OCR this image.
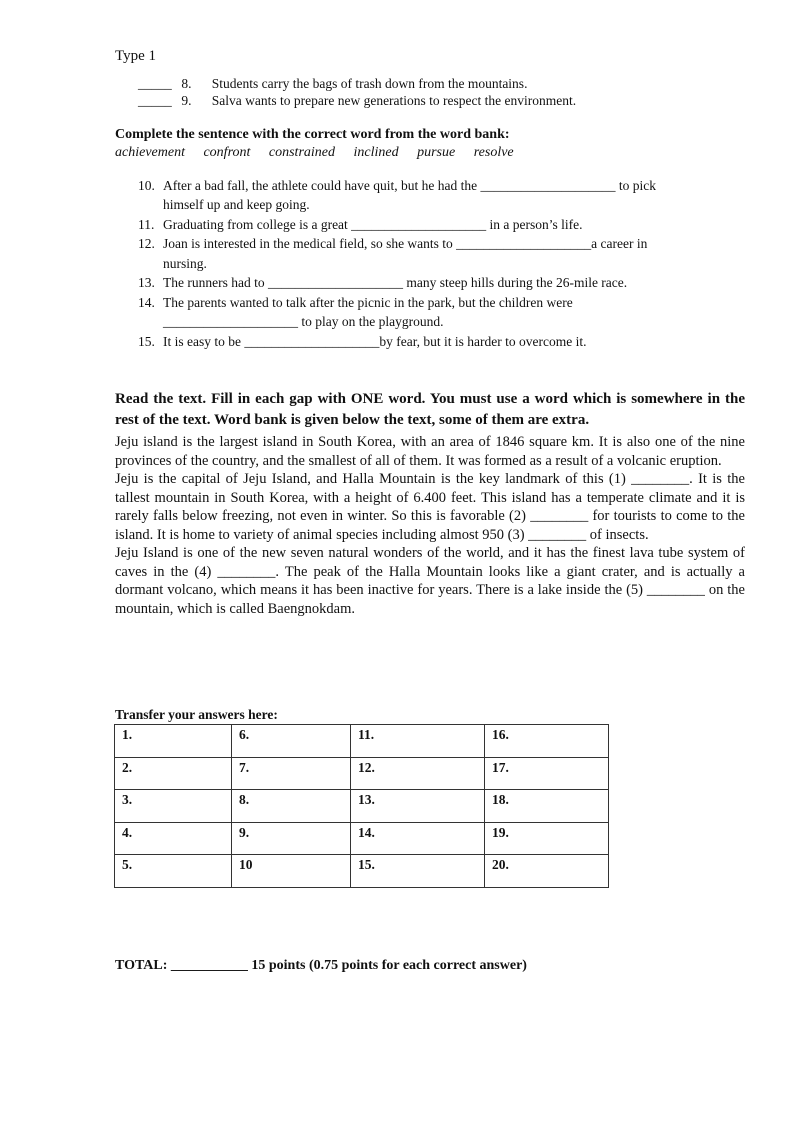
Type 1
_____ 8. Students carry the bags of trash down from the mountains.
_____ 9. Salva wants to prepare new generations to respect the environment.
Complete the sentence with the correct word from the word bank:
achievement confront constrained inclined pursue resolve
10. After a bad fall, the athlete could have quit, but he had the ____________________ to pick
himself up and keep going.
11. Graduating from college is a great ____________________ in a person’s life.
12. Joan is interested in the medical field, so she wants to ____________________a career in
nursing.
13. The runners had to ____________________ many steep hills during the 26-mile race.
14. The parents wanted to talk after the picnic in the park, but the children were
____________________ to play on the playground.
15. It is easy to be ____________________by fear, but it is harder to overcome it.
Read the text. Fill in each gap with ONE word. You must use a word which is somewhere in the rest of the text. Word bank is given below the text, some of them are extra.

Jeju island is the largest island in South Korea, with an area of 1846 square km. It is also one of the nine provinces of the country, and the smallest of all of them. It was formed as a result of a volcanic eruption.

Jeju is the capital of Jeju Island, and Halla Mountain is the key landmark of this (1) ________. It is the tallest mountain in South Korea, with a height of 6.400 feet. This island has a temperate climate and it is rarely falls below freezing, not even in winter. So this is favorable (2) ________ for tourists to come to the island. It is home to variety of animal species including almost 950 (3) ________ of insects.

Jeju Island is one of the new seven natural wonders of the world, and it has the finest lava tube system of caves in the (4) ________. The peak of the Halla Mountain looks like a giant crater, and is actually a dormant volcano, which means it has been inactive for years. There is a lake inside the (5) ________ on the mountain, which is called Baengnokdam.

Transfer your answers here:
1.	6.	11.	16.
2.	7.	12.	17.
3.	8.	13.	18.
4.	9.	14.	19.
5.	10	15.	20.
TOTAL: ___________ 15 points (0.75 points for each correct answer)
